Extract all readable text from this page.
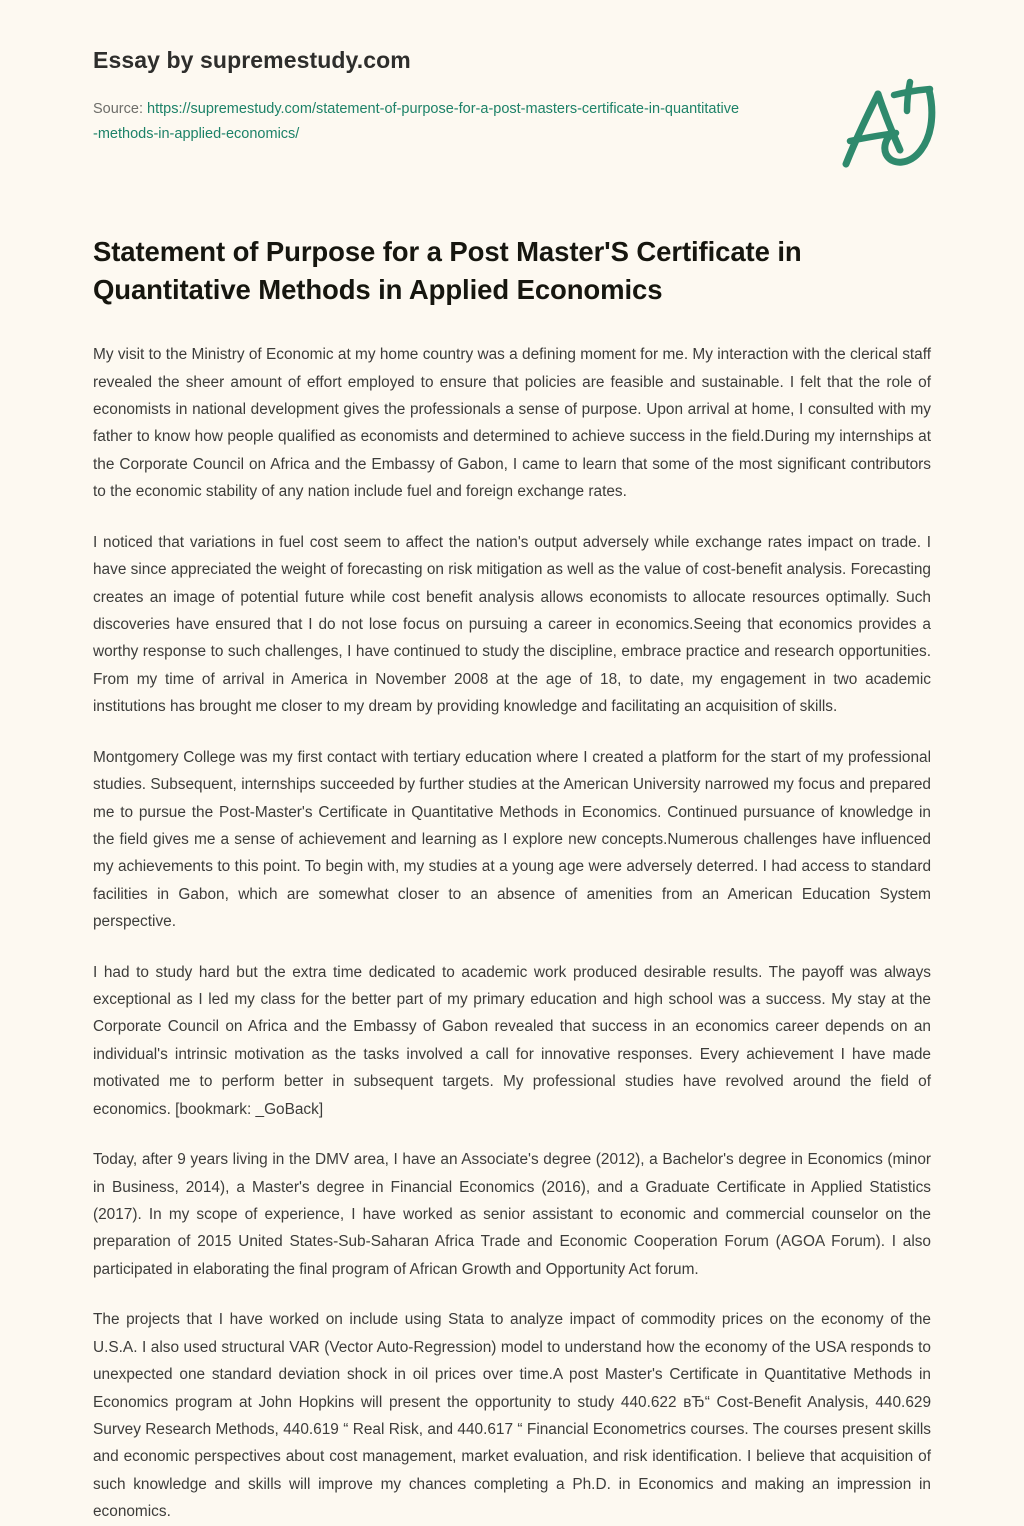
Essay by supremestudy.com
Source: https://supremestudy.com/statement-of-purpose-for-a-post-masters-certificate-in-quantitative-methods-in-applied-economics/
Statement of Purpose for a Post Master'S Certificate in Quantitative Methods in Applied Economics

My visit to the Ministry of Economic at my home country was a defining moment for me. My interaction with the clerical staff revealed the sheer amount of effort employed to ensure that policies are feasible and sustainable. I felt that the role of economists in national development gives the professionals a sense of purpose. Upon arrival at home, I consulted with my father to know how people qualified as economists and determined to achieve success in the field.During my internships at the Corporate Council on Africa and the Embassy of Gabon, I came to learn that some of the most significant contributors to the economic stability of any nation include fuel and foreign exchange rates.

I noticed that variations in fuel cost seem to affect the nation's output adversely while exchange rates impact on trade. I have since appreciated the weight of forecasting on risk mitigation as well as the value of cost-benefit analysis. Forecasting creates an image of potential future while cost benefit analysis allows economists to allocate resources optimally. Such discoveries have ensured that I do not lose focus on pursuing a career in economics.Seeing that economics provides a worthy response to such challenges, I have continued to study the discipline, embrace practice and research opportunities. From my time of arrival in America in November 2008 at the age of 18, to date, my engagement in two academic institutions has brought me closer to my dream by providing knowledge and facilitating an acquisition of skills.

Montgomery College was my first contact with tertiary education where I created a platform for the start of my professional studies. Subsequent, internships succeeded by further studies at the American University narrowed my focus and prepared me to pursue the Post-Master's Certificate in Quantitative Methods in Economics. Continued pursuance of knowledge in the field gives me a sense of achievement and learning as I explore new concepts.Numerous challenges have influenced my achievements to this point. To begin with, my studies at a young age were adversely deterred. I had access to standard facilities in Gabon, which are somewhat closer to an absence of amenities from an American Education System perspective.

I had to study hard but the extra time dedicated to academic work produced desirable results. The payoff was always exceptional as I led my class for the better part of my primary education and high school was a success. My stay at the Corporate Council on Africa and the Embassy of Gabon revealed that success in an economics career depends on an individual's intrinsic motivation as the tasks involved a call for innovative responses. Every achievement I have made motivated me to perform better in subsequent targets. My professional studies have revolved around the field of economics. [bookmark: _GoBack]

Today, after 9 years living in the DMV area, I have an Associate's degree (2012), a Bachelor's degree in Economics (minor in Business, 2014), a Master's degree in Financial Economics (2016), and a Graduate Certificate in Applied Statistics (2017). In my scope of experience, I have worked as senior assistant to economic and commercial counselor on the preparation of 2015 United States-Sub-Saharan Africa Trade and Economic Cooperation Forum (AGOA Forum). I also participated in elaborating the final program of African Growth and Opportunity Act forum.

The projects that I have worked on include using Stata to analyze impact of commodity prices on the economy of the U.S.A. I also used structural VAR (Vector Auto-Regression) model to understand how the economy of the USA responds to unexpected one standard deviation shock in oil prices over time.A post Master's Certificate in Quantitative Methods in Economics program at John Hopkins will present the opportunity to study 440.622 вЂ“ Cost-Benefit Analysis, 440.629 Survey Research Methods, 440.619 “ Real Risk, and 440.617 “ Financial Econometrics courses. The courses present skills and economic perspectives about cost management, market evaluation, and risk identification. I believe that acquisition of such knowledge and skills will improve my chances completing a Ph.D. in Economics and making an impression in economics.
